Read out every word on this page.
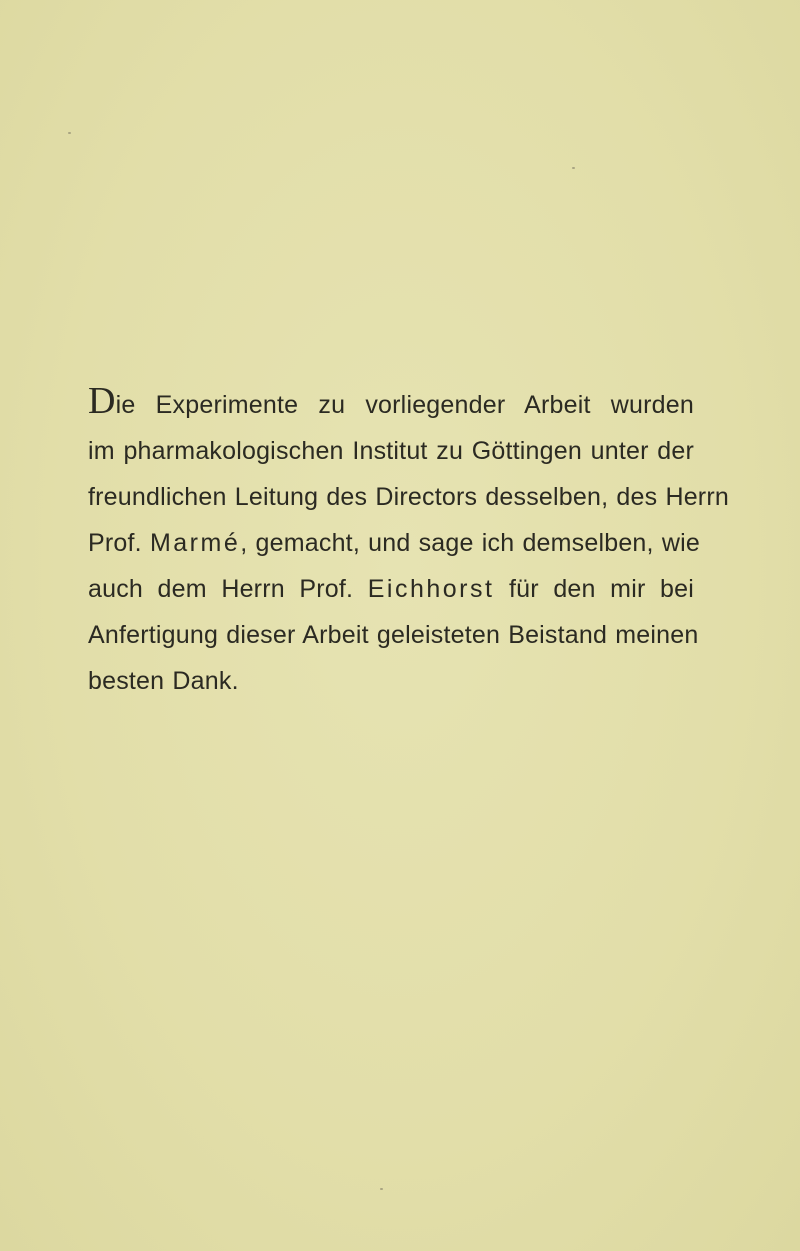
Die Experimente zu vorliegender Arbeit wurden
im pharmakologischen Institut zu Göttingen unter der
freundlichen Leitung des Directors desselben, des Herrn
Prof. Marmé, gemacht, und sage ich demselben, wie
auch dem Herrn Prof. Eichhorst für den mir bei
Anfertigung dieser Arbeit geleisteten Beistand meinen
besten Dank.
